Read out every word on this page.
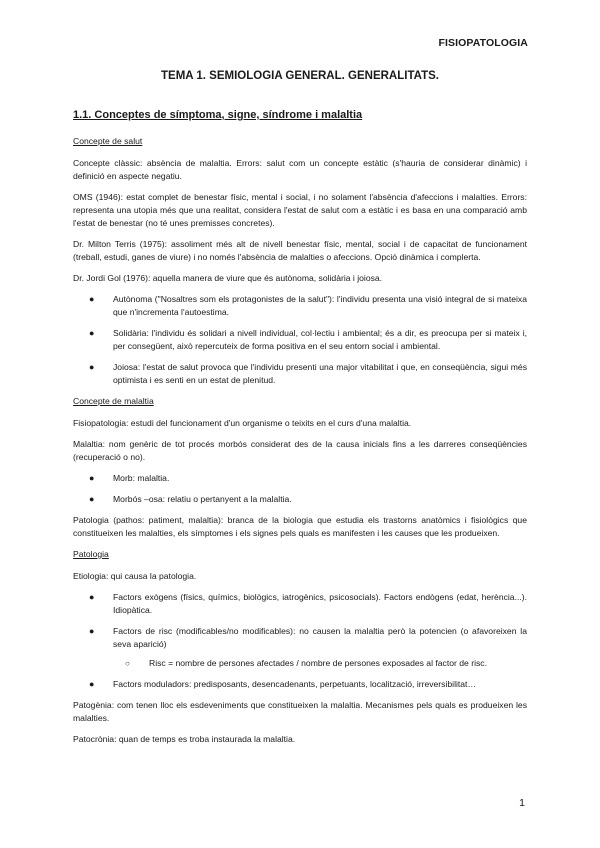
FISIOPATOLOGIA
TEMA 1. SEMIOLOGIA GENERAL. GENERALITATS.
1.1. Conceptes de símptoma, signe, síndrome i malaltia
Concepte de salut

Concepte clàssic: absència de malaltia. Errors: salut com un concepte estàtic (s'hauria de considerar dinàmic) i definició en aspecte negatiu.

OMS (1946): estat complet de benestar físic, mental i social, i no solament l'absència d'afeccions i malalties. Errors: representa una utopia més que una realitat, considera l'estat de salut com a estàtic i es basa en una comparació amb l'estat de benestar (no té unes premisses concretes).

Dr. Milton Terris (1975): assoliment més alt de nivell benestar físic, mental, social i de capacitat de funcionament (treball, estudi, ganes de viure) i no només l'absència de malalties o afeccions. Opció dinàmica i complerta.

Dr. Jordi Gol (1976): aquella manera de viure que és autònoma, solidària i joiosa.

● Autònoma ("Nosaltres som els protagonistes de la salut"): l'individu presenta una visió integral de si mateixa que n'incrementa l'autoestima.
● Solidària: l'individu és solidari a nivell individual, col·lectiu i ambiental; és a dir, es preocupa per si mateix i, per consegüent, això repercuteix de forma positiva en el seu entorn social i ambiental.
● Joiosa: l'estat de salut provoca que l'individu presenti una major vitabilitat i que, en conseqüència, sigui més optimista i es senti en un estat de plenitud.
Concepte de malaltia

Fisiopatologia: estudi del funcionament d'un organisme o teixits en el curs d'una malaltia.

Malaltia: nom genèric de tot procés morbós considerat des de la causa inicials fins a les darreres conseqüències (recuperació o no).

● Morb: malaltia.
● Morbós –osa: relatiu o pertanyent a la malaltia.

Patologia (pathos: patiment, malaltia): branca de la biologia que estudia els trastorns anatòmics i fisiològics que constitueixen les malalties, els símptomes i els signes pels quals es manifesten i les causes que les produeixen.

Patologia

Etiologia: qui causa la patologia.

● Factors exògens (físics, químics, biològics, iatrogènics, psicosocials). Factors endògens (edat, herència...). Idiopàtica.
● Factors de risc (modificables/no modificables): no causen la malaltia però la potencien (o afavoreixen la seva aparició)
○ Risc = nombre de persones afectades / nombre de persones exposades al factor de risc.
● Factors moduladors: predisposants, desencadenants, perpetuants, localització, irreversibilitat…

Patogènia: com tenen lloc els esdeveniments que constitueixen la malaltia. Mecanismes pels quals es produeixen les malalties.

Patocrònia: quan de temps es troba instaurada la malaltia.

1
